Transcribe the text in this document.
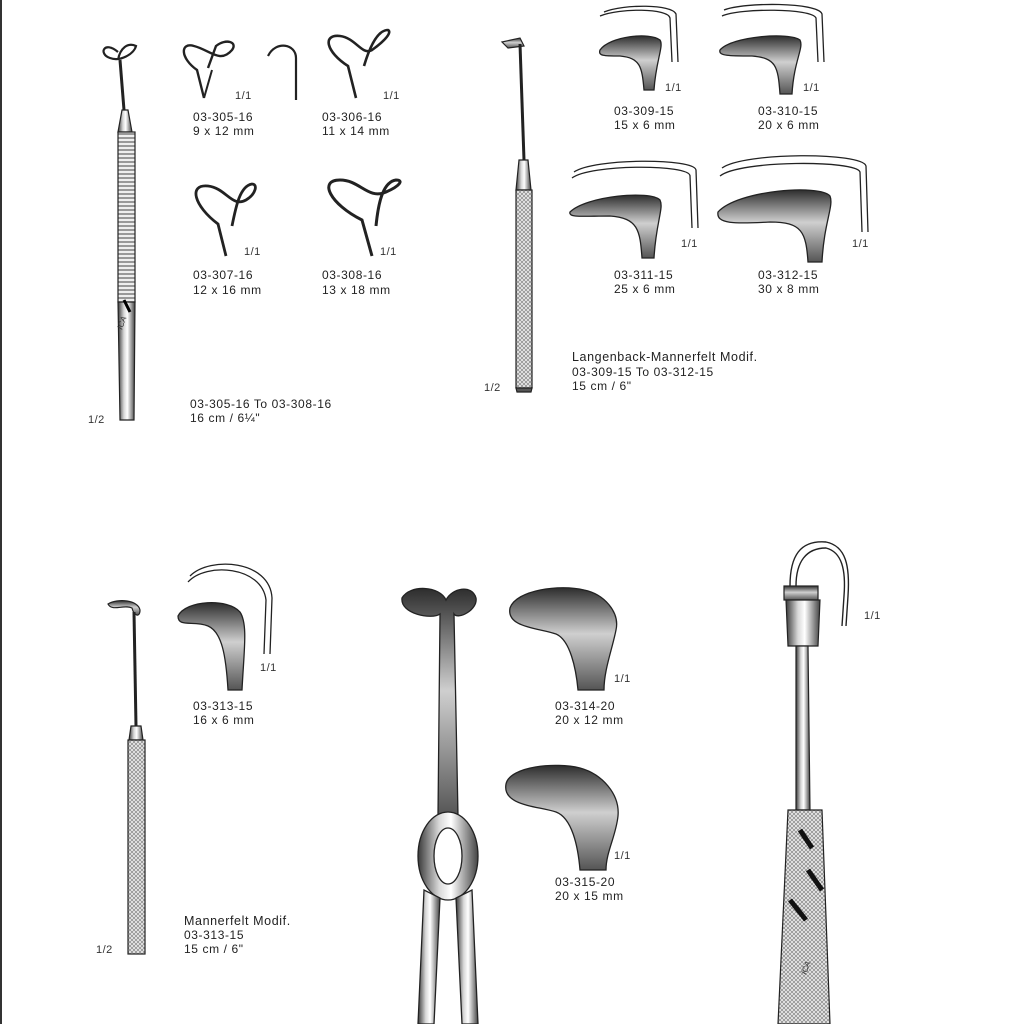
ICA
ICA
1/1
03-305-16
9 x 12 mm
1/1
03-306-16
11 x 14 mm
1/1
03-307-16
12 x 16 mm
1/1
03-308-16
13 x 18 mm
03-305-16 To 03-308-16
16 cm / 6¼"
1/2
1/1
03-309-15
15 x 6 mm
1/1
03-310-15
20 x 6 mm
1/1
03-311-15
25 x 6 mm
1/1
03-312-15
30 x 8 mm
Langenback-Mannerfelt Modif.
03-309-15 To 03-312-15
15 cm / 6"
1/2
1/1
03-313-15
16 x 6 mm
Mannerfelt Modif.
03-313-15
15 cm / 6"
1/2
1/1
03-314-20
20 x 12 mm
1/1
03-315-20
20 x 15 mm
1/1
